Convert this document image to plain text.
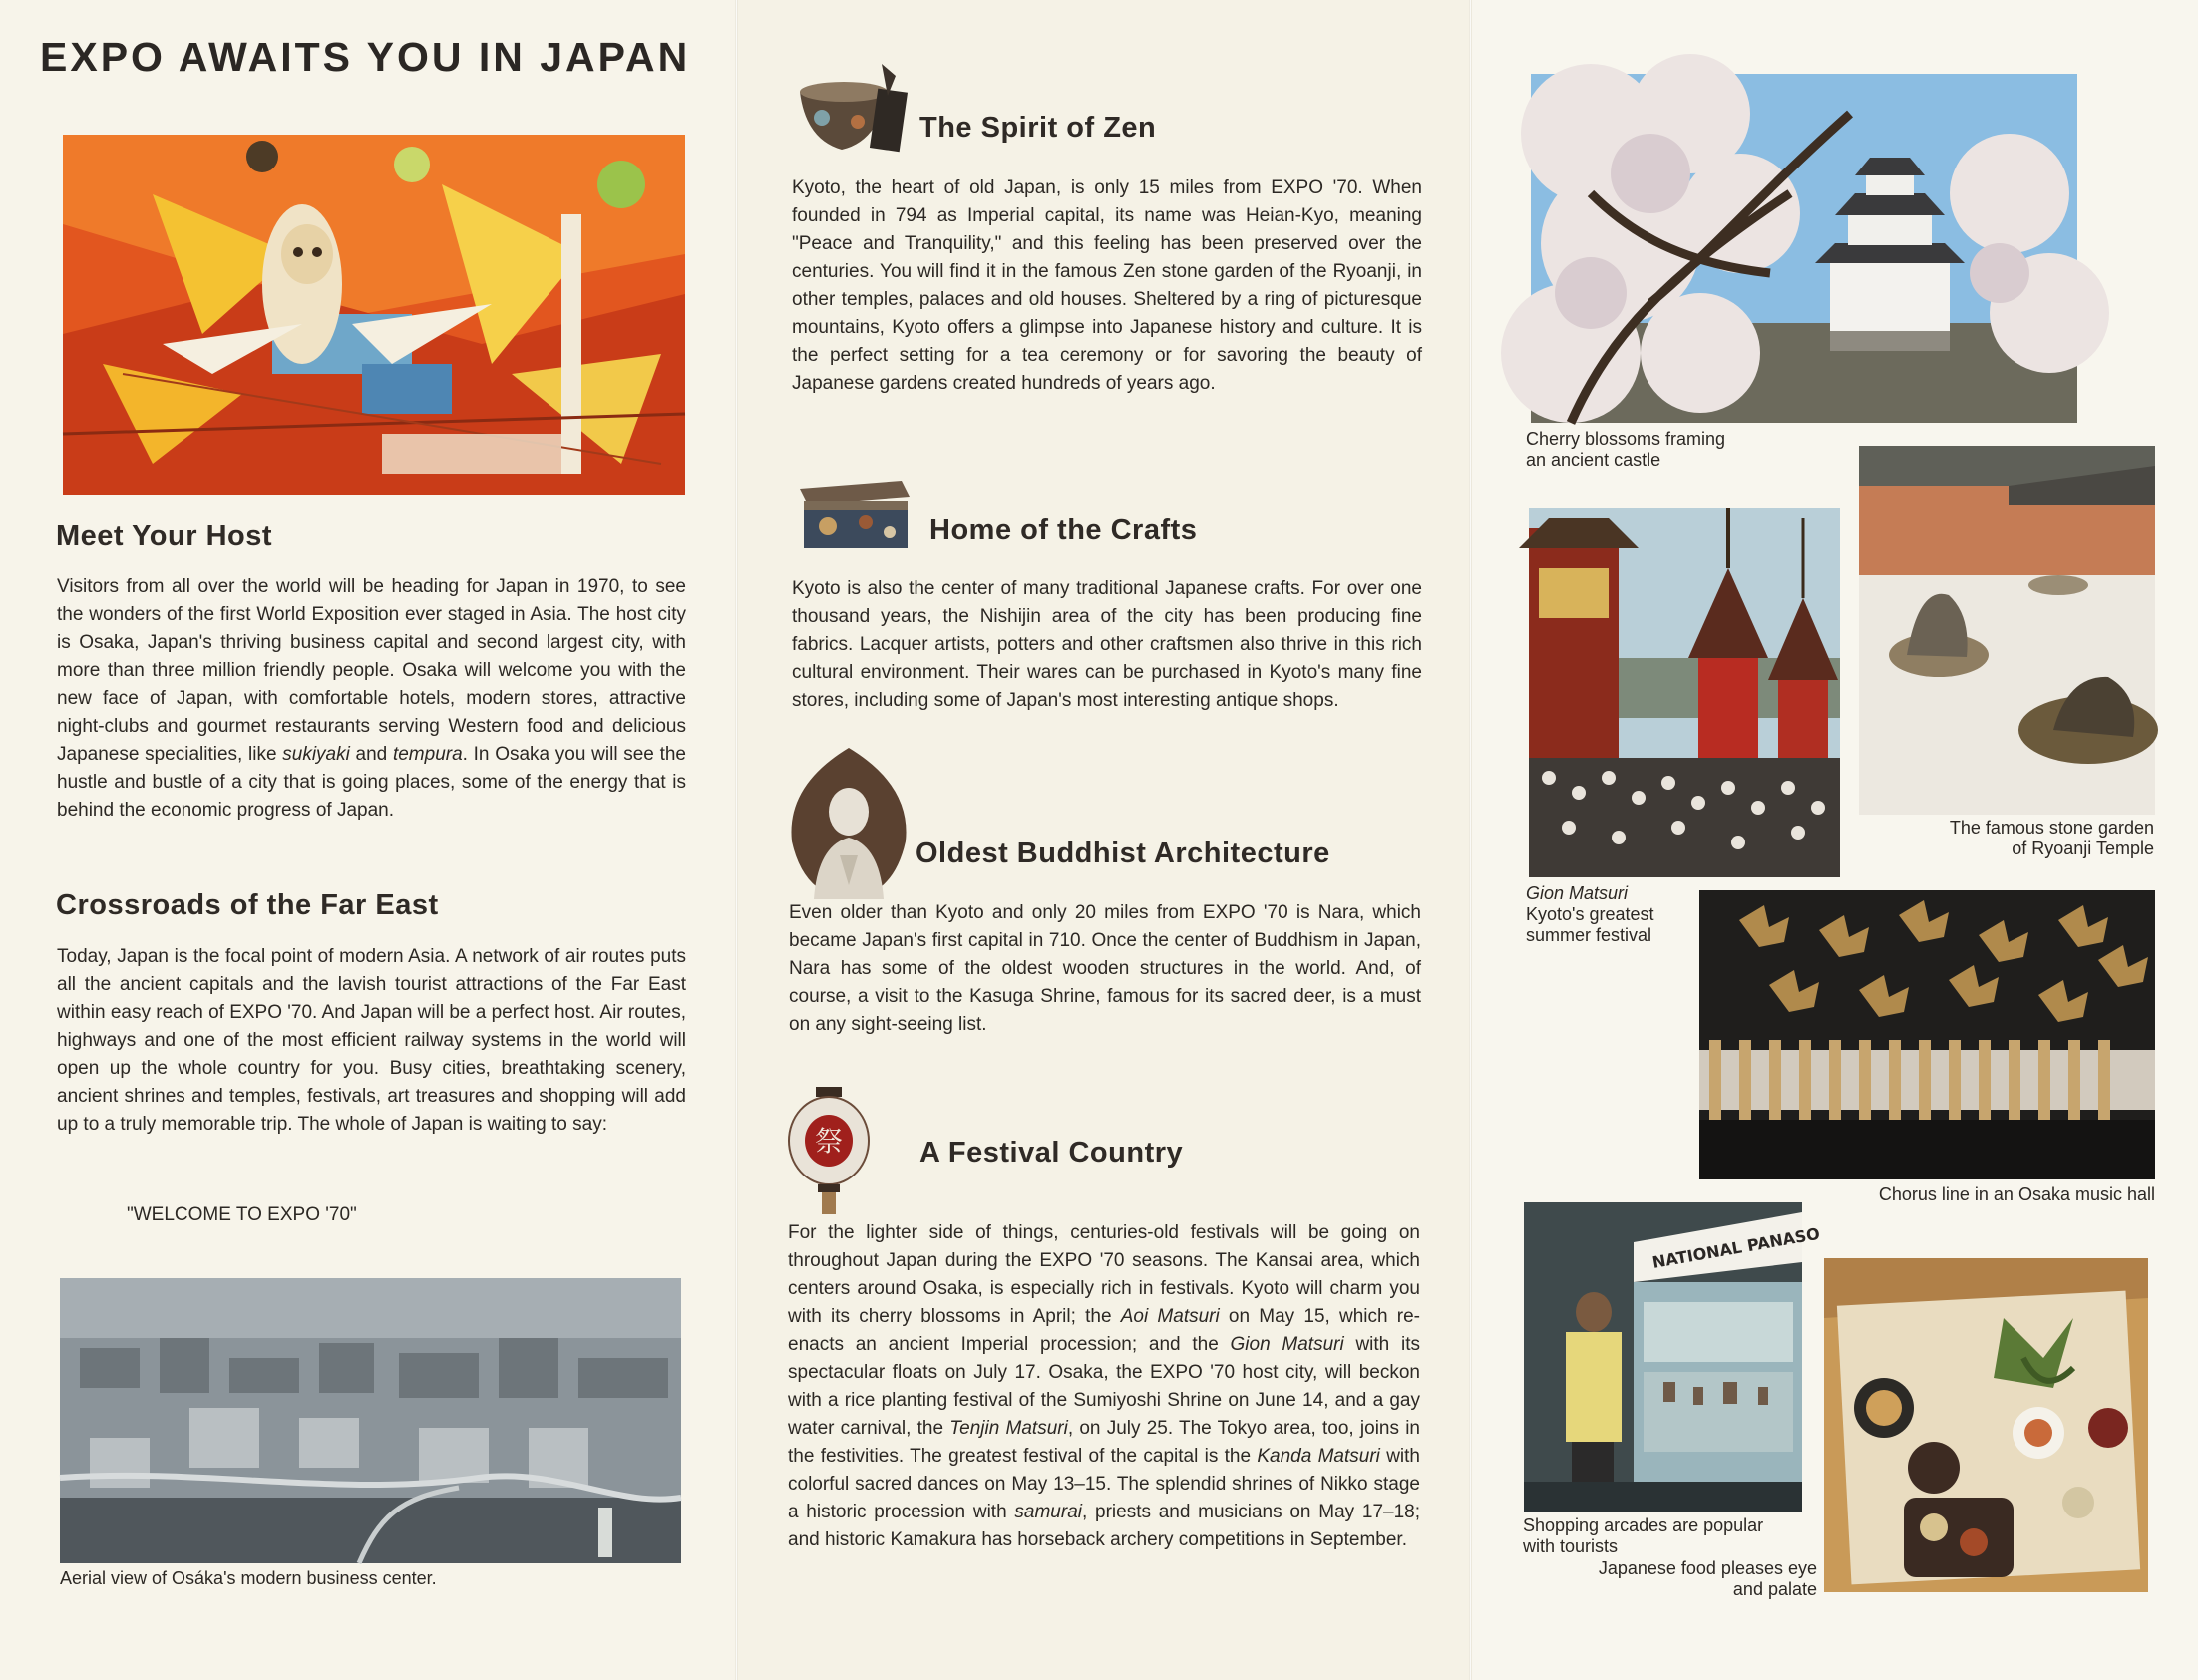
EXPO AWAITS YOU IN JAPAN
Meet Your Host

Visitors from all over the world will be heading for Japan in 1970, to see the wonders of the first World Exposition ever staged in Asia. The host city is Osaka, Japan's thriving business capital and second largest city, with more than three million friendly people. Osaka will welcome you with the new face of Japan, with comfortable hotels, modern stores, attractive night-clubs and gourmet restaurants serving Western food and delicious Japanese specialities, like sukiyaki and tempura. In Osaka you will see the hustle and bustle of a city that is going places, some of the energy that is behind the economic progress of Japan.

Crossroads of the Far East

Today, Japan is the focal point of modern Asia. A network of air routes puts all the ancient capitals and the lavish tourist attractions of the Far East within easy reach of EXPO '70. And Japan will be a perfect host. Air routes, highways and one of the most efficient railway systems in the world will open up the whole country for you. Busy cities, breathtaking scenery, ancient shrines and temples, festivals, art treasures and shopping will add up to a truly memorable trip. The whole of Japan is waiting to say:

"WELCOME TO EXPO '70"
Aerial view of Osáka's modern business center.
The Spirit of Zen

Kyoto, the heart of old Japan, is only 15 miles from EXPO '70. When founded in 794 as Imperial capital, its name was Heian-Kyo, meaning "Peace and Tranquility," and this feeling has been preserved over the centuries. You will find it in the famous Zen stone garden of the Ryoanji, in other temples, palaces and old houses. Sheltered by a ring of picturesque mountains, Kyoto offers a glimpse into Japanese history and culture. It is the perfect setting for a tea ceremony or for savoring the beauty of Japanese gardens created hundreds of years ago.

Home of the Crafts

Kyoto is also the center of many traditional Japanese crafts. For over one thousand years, the Nishijin area of the city has been producing fine fabrics. Lacquer artists, potters and other craftsmen also thrive in this rich cultural environment. Their wares can be purchased in Kyoto's many fine stores, including some of Japan's most interesting antique shops.

Oldest Buddhist Architecture

Even older than Kyoto and only 20 miles from EXPO '70 is Nara, which became Japan's first capital in 710. Once the center of Buddhism in Japan, Nara has some of the oldest wooden structures in the world. And, of course, a visit to the Kasuga Shrine, famous for its sacred deer, is a must on any sight-seeing list.

祭	A Festival Country

For the lighter side of things, centuries-old festivals will be going on throughout Japan during the EXPO '70 seasons. The Kansai area, which centers around Osaka, is especially rich in festivals. Kyoto will charm you with its cherry blossoms in April; the Aoi Matsuri on May 15, which re-enacts an ancient Imperial procession; and the Gion Matsuri with its spectacular floats on July 17. Osaka, the EXPO '70 host city, will beckon with a rice planting festival of the Sumiyoshi Shrine on June 14, and a gay water carnival, the Tenjin Matsuri, on July 25. The Tokyo area, too, joins in the festivities. The greatest festival of the capital is the Kanda Matsuri with colorful sacred dances on May 13–15. The splendid shrines of Nikko stage a historic procession with samurai, priests and musicians on May 17–18; and historic Kamakura has horseback archery competitions in September.

Cherry blossoms framing
an ancient castle
The famous stone garden
of Ryoanji Temple
Gion Matsuri
Kyoto's greatest
summer festival
Chorus line in an Osaka music hall
NATIONAL PANASO
Shopping arcades are popular
with tourists
Japanese food pleases eye
and palate
